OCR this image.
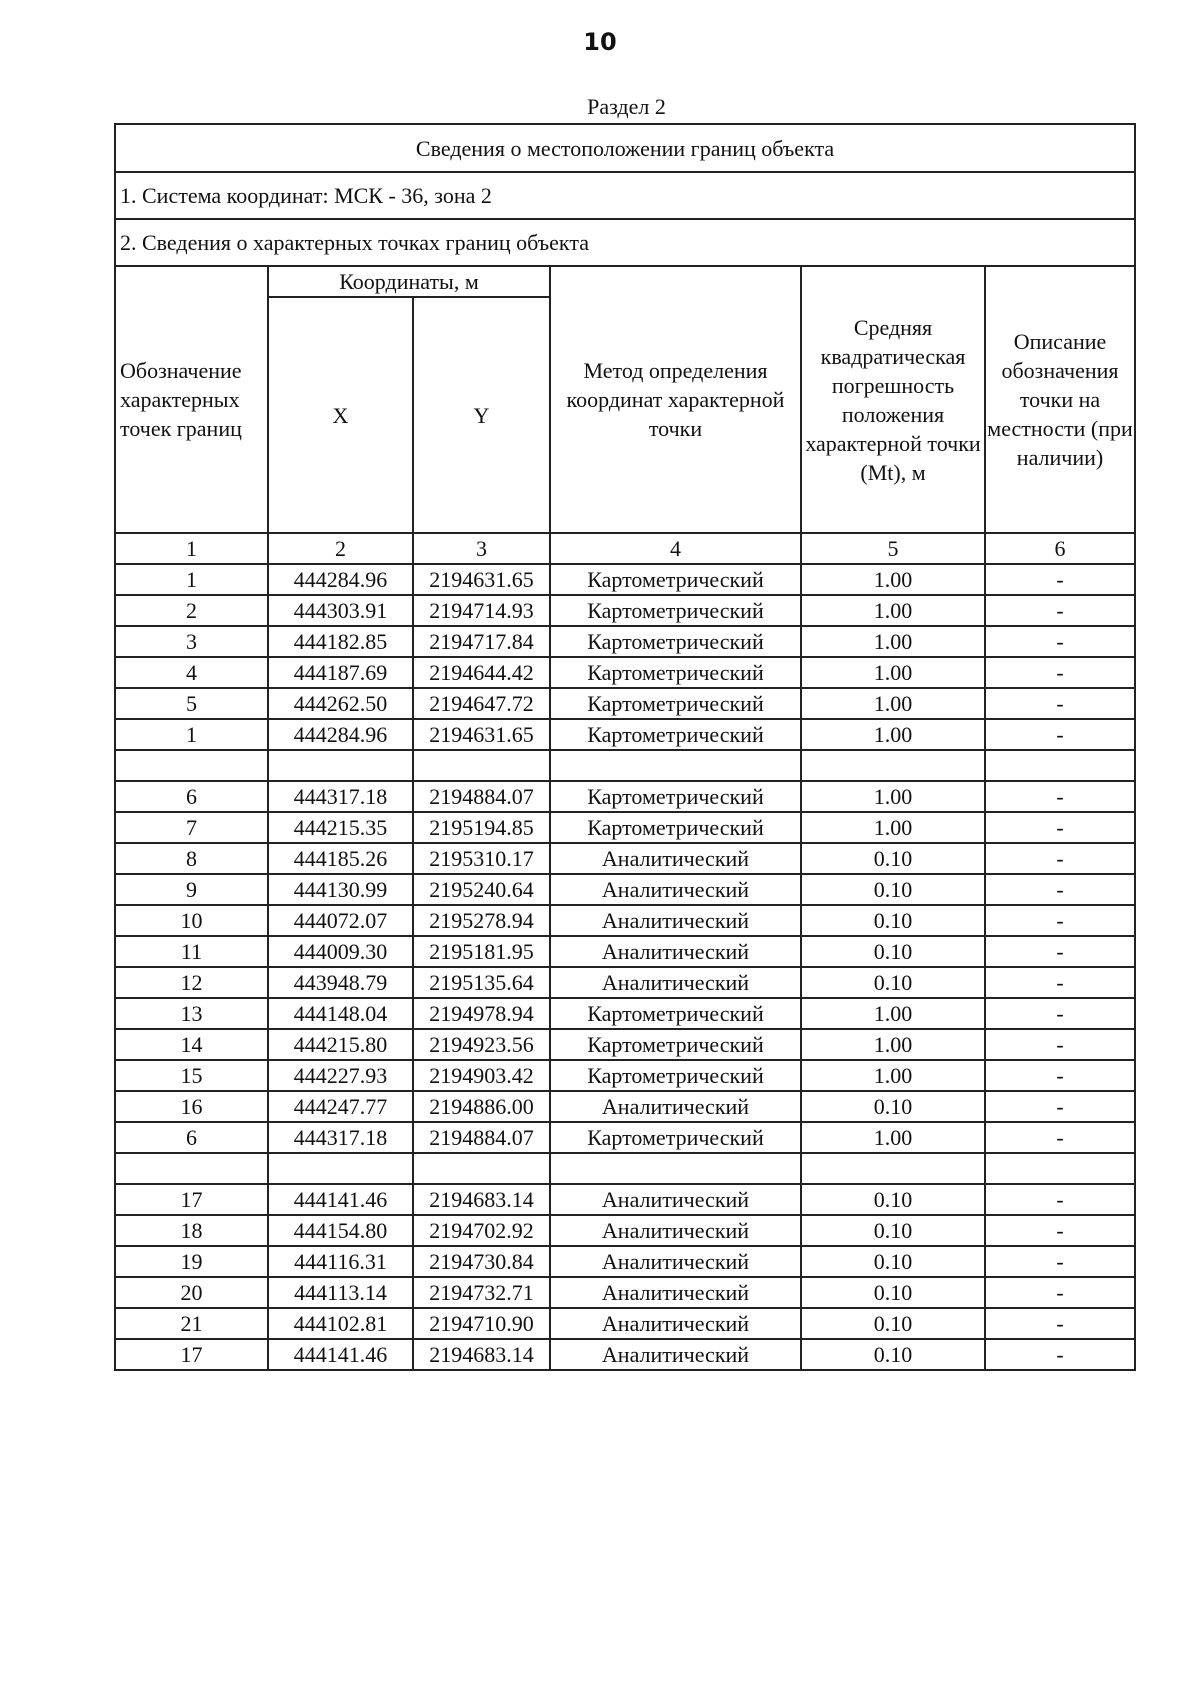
10
Раздел 2
Сведения о местоположении границ объекта					
1. Система координат: МСК - 36, зона 2					
2. Сведения о характерных точках границ объекта					
Обозначение характерных точек границ	Координаты, м		Метод определения координат характерной точки	Средняя квадратическая погрешность положения характерной точки (Mt), м	Описание обозначения точки на местности (при наличии)
	X	Y			
1	2	3	4	5	6
1	444284.96	2194631.65	Картометрический	1.00	-
2	444303.91	2194714.93	Картометрический	1.00	-
3	444182.85	2194717.84	Картометрический	1.00	-
4	444187.69	2194644.42	Картометрический	1.00	-
5	444262.50	2194647.72	Картометрический	1.00	-
1	444284.96	2194631.65	Картометрический	1.00	-

6	444317.18	2194884.07	Картометрический	1.00	-
7	444215.35	2195194.85	Картометрический	1.00	-
8	444185.26	2195310.17	Аналитический	0.10	-
9	444130.99	2195240.64	Аналитический	0.10	-
10	444072.07	2195278.94	Аналитический	0.10	-
11	444009.30	2195181.95	Аналитический	0.10	-
12	443948.79	2195135.64	Аналитический	0.10	-
13	444148.04	2194978.94	Картометрический	1.00	-
14	444215.80	2194923.56	Картометрический	1.00	-
15	444227.93	2194903.42	Картометрический	1.00	-
16	444247.77	2194886.00	Аналитический	0.10	-
6	444317.18	2194884.07	Картометрический	1.00	-

17	444141.46	2194683.14	Аналитический	0.10	-
18	444154.80	2194702.92	Аналитический	0.10	-
19	444116.31	2194730.84	Аналитический	0.10	-
20	444113.14	2194732.71	Аналитический	0.10	-
21	444102.81	2194710.90	Аналитический	0.10	-
17	444141.46	2194683.14	Аналитический	0.10	-
